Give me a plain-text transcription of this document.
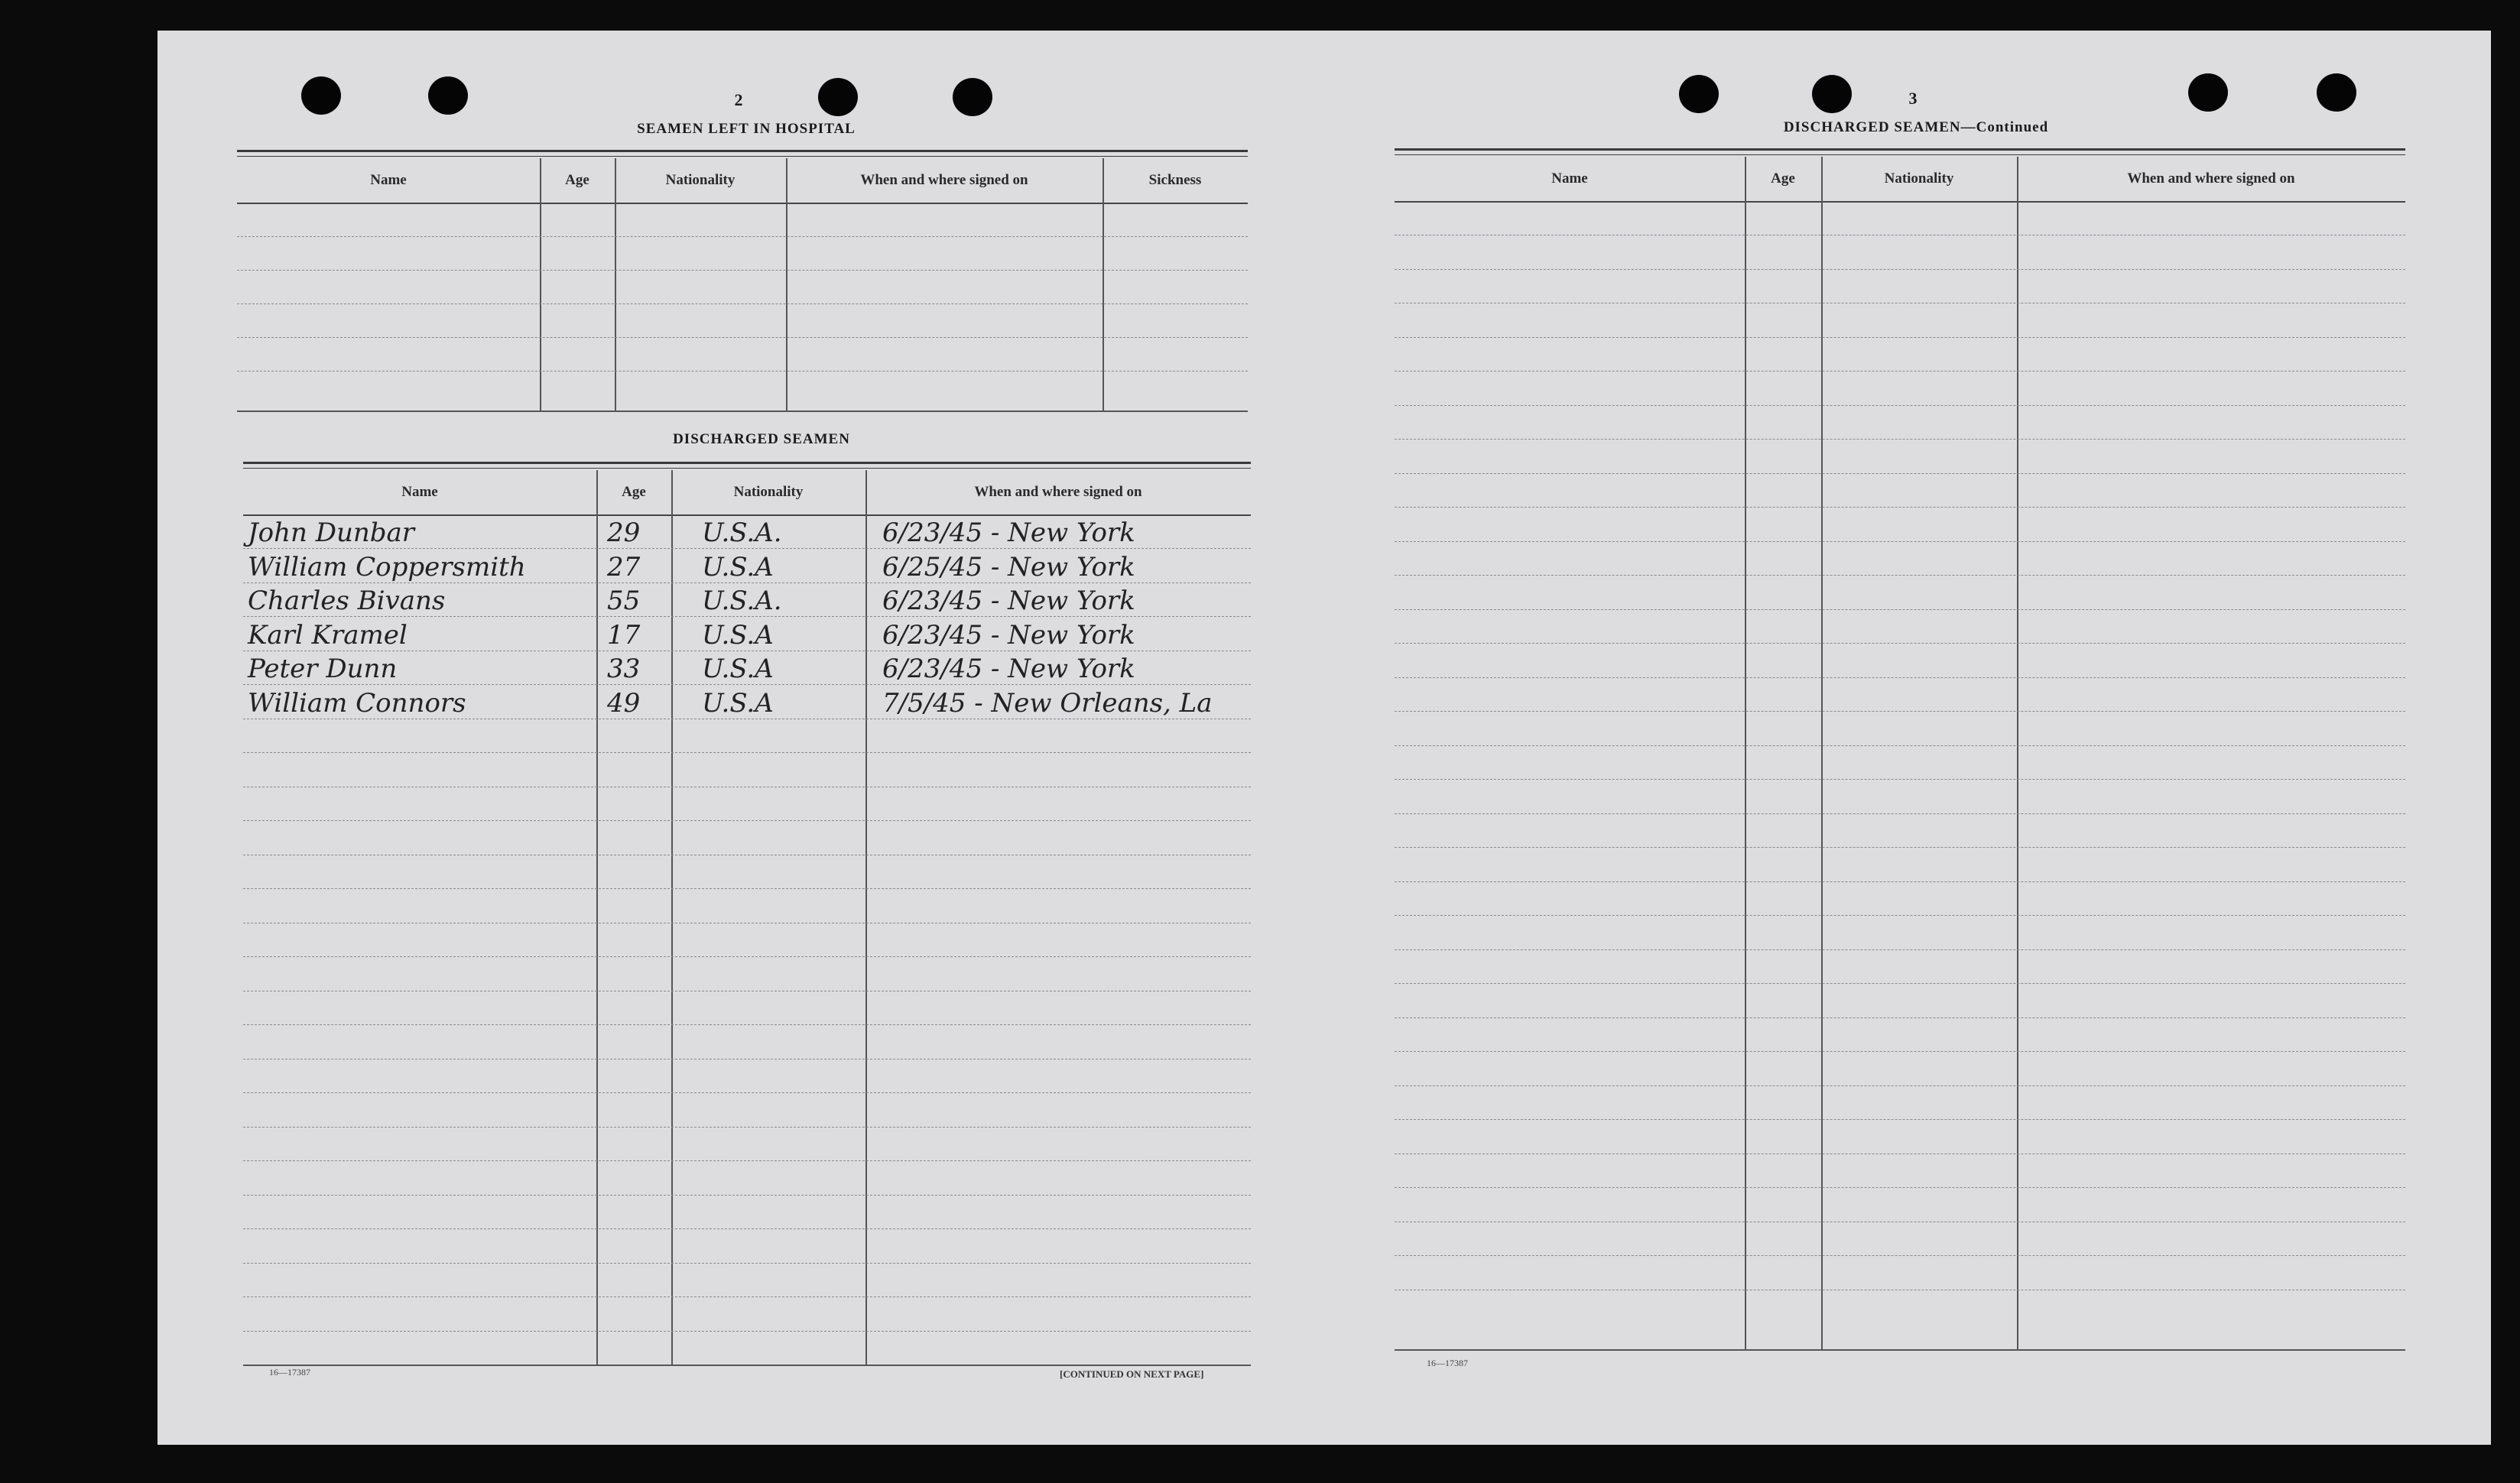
2
SEAMEN LEFT IN HOSPITAL
Name	Age	Nationality	When and where signed on	Sickness
DISCHARGED SEAMEN
Name	Age	Nationality	When and where signed on
John Dunbar	29 U.S.A.	6/23/45 - New York
William Coppersmith	27 U.S.A	6/25/45 - New York
Charles Bivans	55 U.S.A.	6/23/45 - New York
Karl Kramel	17 U.S.A	6/23/45 - New York
Peter Dunn	33 U.S.A	6/23/45 - New York
William Connors	49 U.S.A	7/5/45 - New Orleans, La
16—17387	[CONTINUED ON NEXT PAGE]
3
DISCHARGED SEAMEN—Continued
Name	Age	Nationality	When and where signed on
16—17387
